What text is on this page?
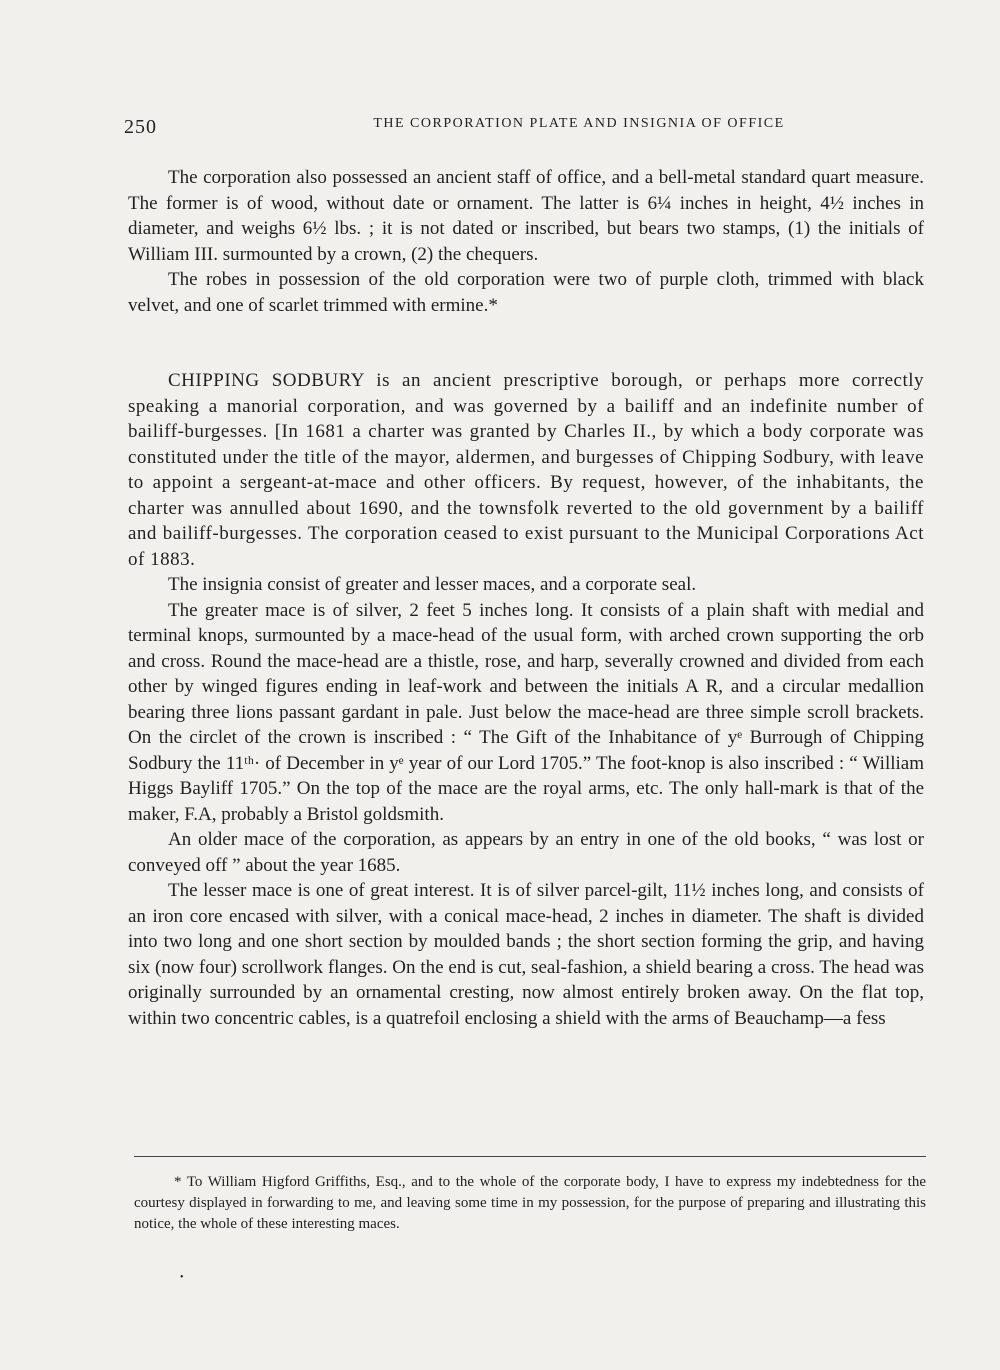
250	THE CORPORATION PLATE AND INSIGNIA OF OFFICE

The corporation also possessed an ancient staff of office, and a bell-metal standard quart measure. The former is of wood, without date or ornament. The latter is 6¼ inches in height, 4½ inches in diameter, and weighs 6½ lbs. ; it is not dated or inscribed, but bears two stamps, (1) the initials of William III. surmounted by a crown, (2) the chequers.

The robes in possession of the old corporation were two of purple cloth, trimmed with black velvet, and one of scarlet trimmed with ermine.*

CHIPPING SODBURY is an ancient prescriptive borough, or perhaps more correctly speaking a manorial corporation, and was governed by a bailiff and an indefinite number of bailiff-burgesses. [In 1681 a charter was granted by Charles II., by which a body corporate was constituted under the title of the mayor, aldermen, and burgesses of Chipping Sodbury, with leave to appoint a sergeant-at-mace and other officers. By request, however, of the inhabitants, the charter was annulled about 1690, and the townsfolk reverted to the old government by a bailiff and bailiff-burgesses. The corporation ceased to exist pursuant to the Municipal Corporations Act of 1883.

The insignia consist of greater and lesser maces, and a corporate seal.

The greater mace is of silver, 2 feet 5 inches long. It consists of a plain shaft with medial and terminal knops, surmounted by a mace-head of the usual form, with arched crown supporting the orb and cross. Round the mace-head are a thistle, rose, and harp, severally crowned and divided from each other by winged figures ending in leaf-work and between the initials A R, and a circular medallion bearing three lions passant gardant in pale. Just below the mace-head are three simple scroll brackets. On the circlet of the crown is inscribed : “ The Gift of the Inhabitance of yᵉ Burrough of Chipping Sodbury the 11ᵗʰ· of December in yᵉ year of our Lord 1705.” The foot-knop is also inscribed : “ William Higgs Bayliff 1705.” On the top of the mace are the royal arms, etc. The only hall-mark is that of the maker, F.A, probably a Bristol goldsmith.

An older mace of the corporation, as appears by an entry in one of the old books, “ was lost or conveyed off ” about the year 1685.

The lesser mace is one of great interest. It is of silver parcel-gilt, 11½ inches long, and consists of an iron core encased with silver, with a conical mace-head, 2 inches in diameter. The shaft is divided into two long and one short section by moulded bands ; the short section forming the grip, and having six (now four) scrollwork flanges. On the end is cut, seal-fashion, a shield bearing a cross. The head was originally surrounded by an ornamental cresting, now almost entirely broken away. On the flat top, within two concentric cables, is a quatrefoil enclosing a shield with the arms of Beauchamp—a fess

* To William Higford Griffiths, Esq., and to the whole of the corporate body, I have to express my indebtedness for the courtesy displayed in forwarding to me, and leaving some time in my possession, for the purpose of preparing and illustrating this notice, the whole of these interesting maces.
•
